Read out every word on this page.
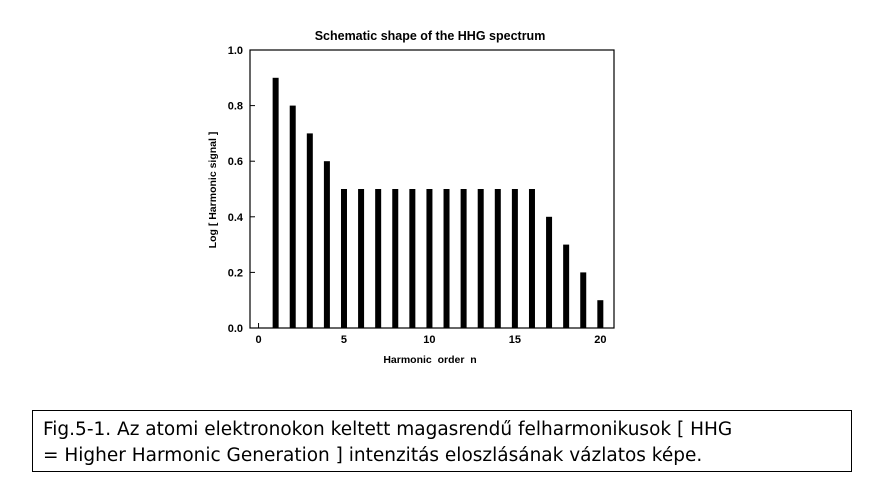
Schematic shape of the HHG spectrum
0	5	10	15	20
0.0
0.2
0.4
0.6
0.8
1.0
Harmonic  order  n
Log [ Harmonic signal ]
Fig.5-1. Az atomi elektronokon keltett magasrendű felharmonikusok [ HHG
= Higher Harmonic Generation ] intenzitás eloszlásának vázlatos képe.
